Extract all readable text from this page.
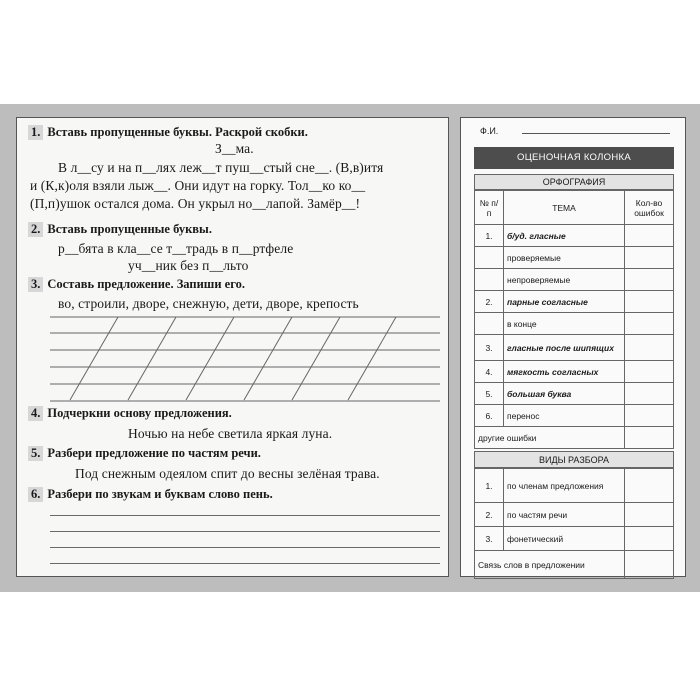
1. Вставь пропущенные буквы. Раскрой скобки.
З__ма.
В л__су и на п__лях леж__т пуш__стый сне__. (В,в)итя
и (К,к)оля взяли лыж__. Они идут на горку. Тол__ко ко__
(П,п)ушок остался дома. Он укрыл но__лапой. Замёр__!
2. Вставь пропущенные буквы.
р__бята в кла__се т__традь в п__ртфеле
уч__ник без п__льто
3. Составь предложение. Запиши его.
во, строили, дворе, снежную, дети, дворе, крепость
4. Подчеркни основу предложения.
Ночью на небе светила яркая луна.
5. Разбери предложение по частям речи.
Под снежным одеялом спит до весны зелёная трава.
6. Разбери по звукам и буквам слово пень.
Ф.И.
ОЦЕНОЧНАЯ КОЛОНКА
ОРФОГРАФИЯ
№ п/п	ТЕМА	Кол-во ошибок
1.	б/уд. гласные	
	проверяемые	
	непроверяемые	
2.	парные согласные	
	в конце	
3.	гласные после шипящих	
4.	мягкость согласных	
5.	большая буква	
6.	перенос	
другие ошибки		
ВИДЫ РАЗБОРА
1.	по членам предложения	
2.	по частям речи	
3.	фонетический	
Связь слов в предложении		
